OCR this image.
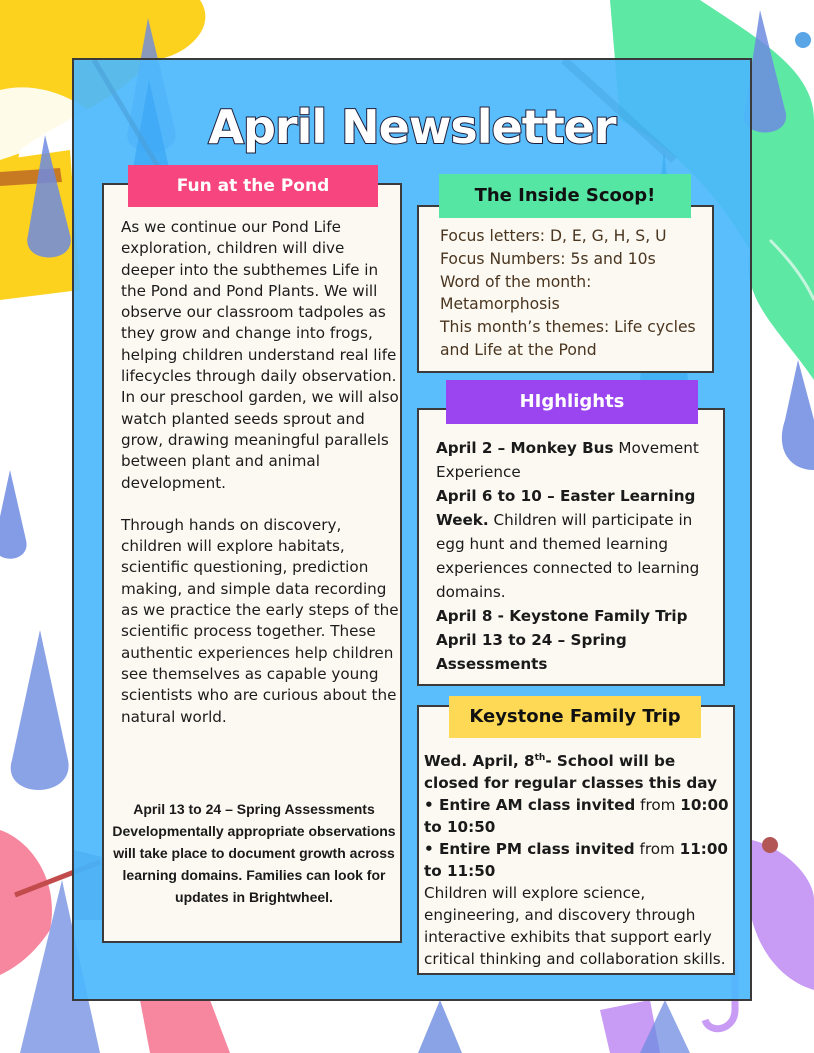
April Newsletter

As we continue our Pond Life exploration, children will dive deeper into the subthemes Life in the Pond and Pond Plants. We will observe our classroom tadpoles as they grow and change into frogs, helping children understand real life lifecycles through daily observation. In our preschool garden, we will also watch planted seeds sprout and grow, drawing meaningful parallels between plant and animal development.

Through hands on discovery, children will explore habitats, scientific questioning, prediction making, and simple data recording as we practice the early steps of the scientific process together. These authentic experiences help children see themselves as capable young scientists who are curious about the natural world.

April 13 to 24 – Spring Assessments Developmentally appropriate observations will take place to document growth across learning domains. Families can look for updates in Brightwheel.
Fun at the Pond
Focus letters: D, E, G, H, S, U
Focus Numbers: 5s and 10s
Word of the month:
Metamorphosis
This month’s themes: Life cycles
and Life at the Pond
The Inside Scoop!
April 2 – Monkey Bus Movement Experience
April 6 to 10 – Easter Learning Week. Children will participate in egg hunt and themed learning experiences connected to learning domains.
April 8 - Keystone Family Trip
April 13 to 24 – Spring Assessments
HIghlights
Wed. April, 8th- School will be closed for regular classes this day
• Entire AM class invited from 10:00 to 10:50
• Entire PM class invited from 11:00 to 11:50
Children will explore science, engineering, and discovery through interactive exhibits that support early critical thinking and collaboration skills.
Keystone Family Trip
